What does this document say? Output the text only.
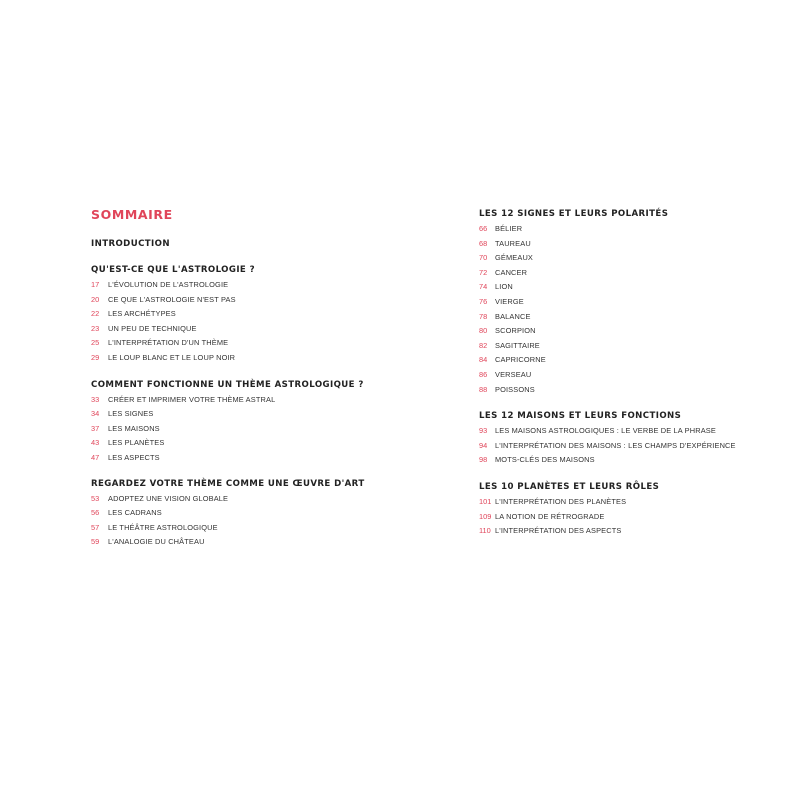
SOMMAIRE
INTRODUCTION
QU'EST-CE QUE L'ASTROLOGIE ?
17	L'ÉVOLUTION DE L'ASTROLOGIE
20	CE QUE L'ASTROLOGIE N'EST PAS
22	LES ARCHÉTYPES
23	UN PEU DE TECHNIQUE
25	L'INTERPRÉTATION D'UN THÈME
29	LE LOUP BLANC ET LE LOUP NOIR
COMMENT FONCTIONNE UN THÈME ASTROLOGIQUE ?
33	CRÉER ET IMPRIMER VOTRE THÈME ASTRAL
34	LES SIGNES
37	LES MAISONS
43	LES PLANÈTES
47	LES ASPECTS
REGARDEZ VOTRE THÈME COMME UNE ŒUVRE D'ART
53	ADOPTEZ UNE VISION GLOBALE
56	LES CADRANS
57	LE THÉÂTRE ASTROLOGIQUE
59	L'ANALOGIE DU CHÂTEAU
LES 12 SIGNES ET LEURS POLARITÉS
66	BÉLIER
68	TAUREAU
70	GÉMEAUX
72	CANCER
74	LION
76	VIERGE
78	BALANCE
80	SCORPION
82	SAGITTAIRE
84	CAPRICORNE
86	VERSEAU
88	POISSONS
LES 12 MAISONS ET LEURS FONCTIONS
93	LES MAISONS ASTROLOGIQUES : LE VERBE DE LA PHRASE
94	L'INTERPRÉTATION DES MAISONS : LES CHAMPS D'EXPÉRIENCE
98	MOTS-CLÉS DES MAISONS
LES 10 PLANÈTES ET LEURS RÔLES
101 L'INTERPRÉTATION DES PLANÈTES
109 LA NOTION DE RÉTROGRADE
110 L'INTERPRÉTATION DES ASPECTS
